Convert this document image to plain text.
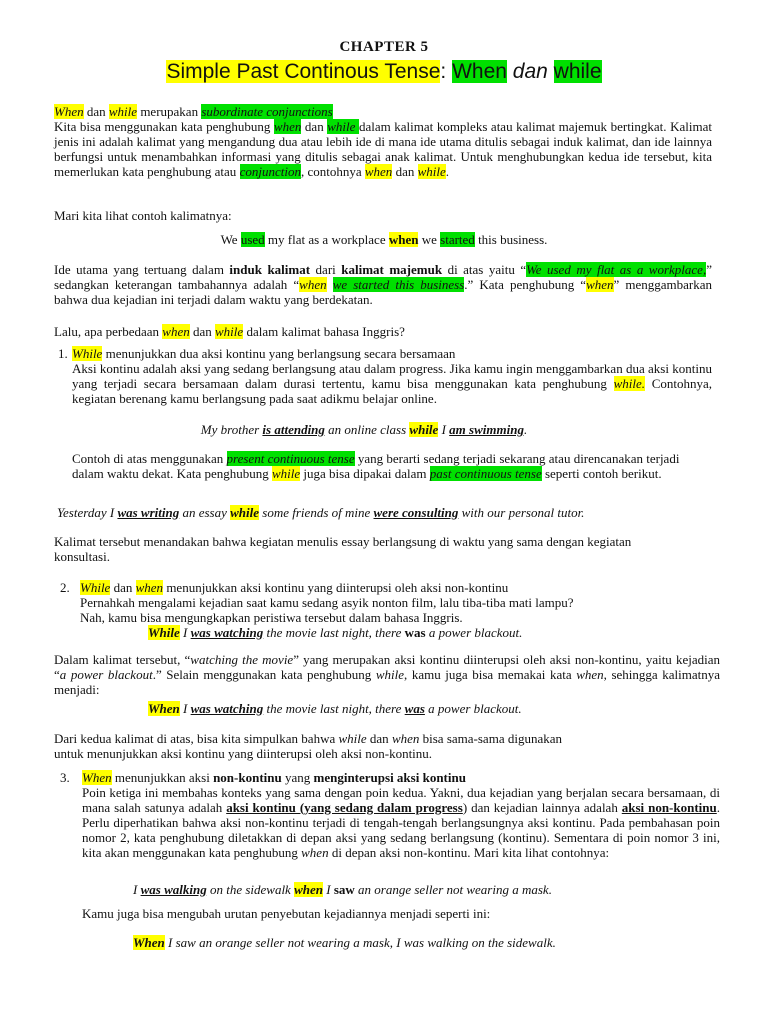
CHAPTER 5
Simple Past Continous Tense: When dan while
When dan while merupakan subordinate conjunctions
Kita bisa menggunakan kata penghubung when dan while dalam kalimat kompleks atau kalimat majemuk bertingkat. Kalimat jenis ini adalah kalimat yang mengandung dua atau lebih ide di mana ide utama ditulis sebagai induk kalimat, dan ide lainnya berfungsi untuk menambahkan informasi yang ditulis sebagai anak kalimat. Untuk menghubungkan kedua ide tersebut, kita memerlukan kata penghubung atau conjunction, contohnya when dan while.
Mari kita lihat contoh kalimatnya:
We used my flat as a workplace when we started this business.
Ide utama yang tertuang dalam induk kalimat dari kalimat majemuk di atas yaitu “We used my flat as a workplace,” sedangkan keterangan tambahannya adalah “when we started this business.” Kata penghubung “when” menggambarkan bahwa dua kejadian ini terjadi dalam waktu yang berdekatan.
Lalu, apa perbedaan when dan while dalam kalimat bahasa Inggris?
1. While menunjukkan dua aksi kontinu yang berlangsung secara bersamaan
Aksi kontinu adalah aksi yang sedang berlangsung atau dalam progress. Jika kamu ingin menggambarkan dua aksi kontinu yang terjadi secara bersamaan dalam durasi tertentu, kamu bisa menggunakan kata penghubung while. Contohnya, kegiatan berenang kamu berlangsung pada saat adikmu belajar online.
My brother is attending an online class while I am swimming.
Contoh di atas menggunakan present continuous tense yang berarti sedang terjadi sekarang atau direncanakan terjadi dalam waktu dekat. Kata penghubung while juga bisa dipakai dalam past continuous tense seperti contoh berikut.
Yesterday I was writing an essay while some friends of mine were consulting with our personal tutor.
Kalimat tersebut menandakan bahwa kegiatan menulis essay berlangsung di waktu yang sama dengan kegiatan konsultasi.
2. While dan when menunjukkan aksi kontinu yang diinterupsi oleh aksi non-kontinu
Pernahkah mengalami kejadian saat kamu sedang asyik nonton film, lalu tiba-tiba mati lampu?
Nah, kamu bisa mengungkapkan peristiwa tersebut dalam bahasa Inggris.
While I was watching the movie last night, there was a power blackout.
Dalam kalimat tersebut, “watching the movie” yang merupakan aksi kontinu diinterupsi oleh aksi non-kontinu, yaitu kejadian “a power blackout.” Selain menggunakan kata penghubung while, kamu juga bisa memakai kata when, sehingga kalimatnya menjadi:
When I was watching the movie last night, there was a power blackout.
Dari kedua kalimat di atas, bisa kita simpulkan bahwa while dan when bisa sama-sama digunakan
untuk menunjukkan aksi kontinu yang diinterupsi oleh aksi non-kontinu.
3. When menunjukkan aksi non-kontinu yang menginterupsi aksi kontinu
Poin ketiga ini membahas konteks yang sama dengan poin kedua. Yakni, dua kejadian yang berjalan secara bersamaan, di mana salah satunya adalah aksi kontinu (yang sedang dalam progress) dan kejadian lainnya adalah aksi non-kontinu. Perlu diperhatikan bahwa aksi non-kontinu terjadi di tengah-tengah berlangsungnya aksi kontinu. Pada pembahasan poin nomor 2, kata penghubung diletakkan di depan aksi yang sedang berlangsung (kontinu). Sementara di poin nomor 3 ini, kita akan menggunakan kata penghubung when di depan aksi non-kontinu. Mari kita lihat contohnya:
I was walking on the sidewalk when I saw an orange seller not wearing a mask.
Kamu juga bisa mengubah urutan penyebutan kejadiannya menjadi seperti ini:
When I saw an orange seller not wearing a mask, I was walking on the sidewalk.
